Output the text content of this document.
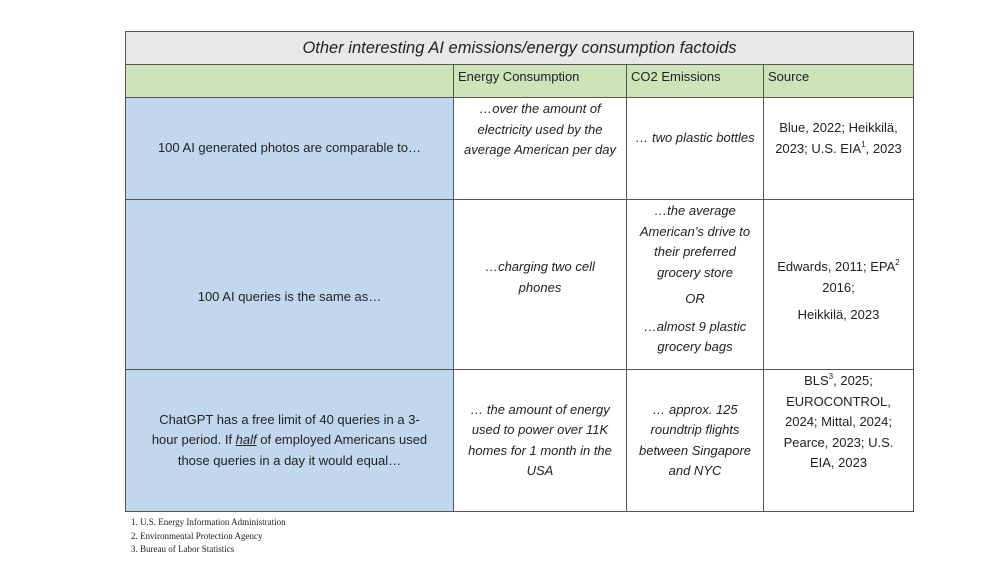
Other interesting AI emissions/energy consumption factoids
Energy Consumption	CO2 Emissions	Source
100 AI generated photos are comparable to…
…over the amount of electricity used by the average American per day
… two plastic bottles
Blue, 2022; Heikkilä, 2023; U.S. EIA$^1$, 2023
100 AI queries is the same as…
…charging two cell phones

…the average American’s drive to their preferred grocery store

OR

…almost 9 plastic grocery bags

Edwards, 2011; EPA$^2$ 2016;

Heikkilä, 2023

ChatGPT has a free limit of 40 queries in a 3-hour period. If half of employed Americans used those queries in a day it would equal…
… the amount of energy used to power over 11K homes for 1 month in the USA
… approx. 125 roundtrip flights between Singapore and NYC
BLS$^3$, 2025; EUROCONTROL, 2024; Mittal, 2024; Pearce, 2023; U.S. EIA, 2023
1. U.S. Energy Information Administration
2. Environmental Protection Agency
3. Bureau of Labor Statistics
